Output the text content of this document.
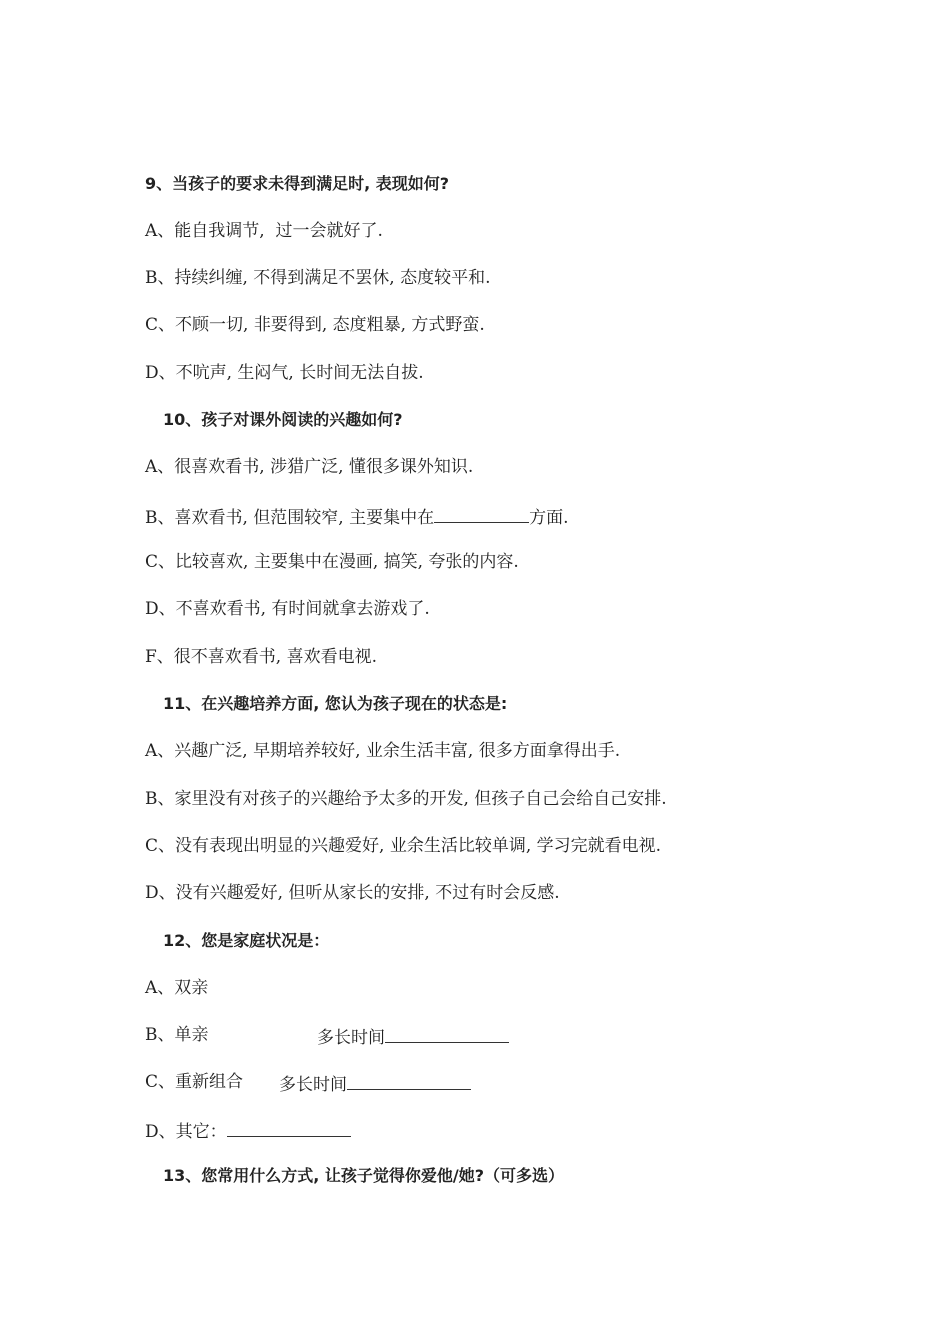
9、当孩子的要求未得到满足时, 表现如何?
A、能自我调节,  过一会就好了.
B、持续纠缠, 不得到满足不罢休, 态度较平和.
C、不顾一切, 非要得到, 态度粗暴, 方式野蛮.
D、不吭声, 生闷气, 长时间无法自拔.
10、孩子对课外阅读的兴趣如何?
A、很喜欢看书, 涉猎广泛, 懂很多课外知识.
B、喜欢看书, 但范围较窄, 主要集中在	方面.
C、比较喜欢, 主要集中在漫画, 搞笑, 夸张的内容.
D、不喜欢看书, 有时间就拿去游戏了.
F、很不喜欢看书, 喜欢看电视.
11、在兴趣培养方面, 您认为孩子现在的状态是:
A、兴趣广泛, 早期培养较好, 业余生活丰富, 很多方面拿得出手.
B、家里没有对孩子的兴趣给予太多的开发, 但孩子自己会给自己安排.
C、没有表现出明显的兴趣爱好, 业余生活比较单调, 学习完就看电视.
D、没有兴趣爱好, 但听从家长的安排, 不过有时会反感.
12、您是家庭状况是：
A、双亲
B、单亲	多长时间
C、重新组合 多长时间
D、其它：
13、您常用什么方式, 让孩子觉得你爱他/她?（可多选）
